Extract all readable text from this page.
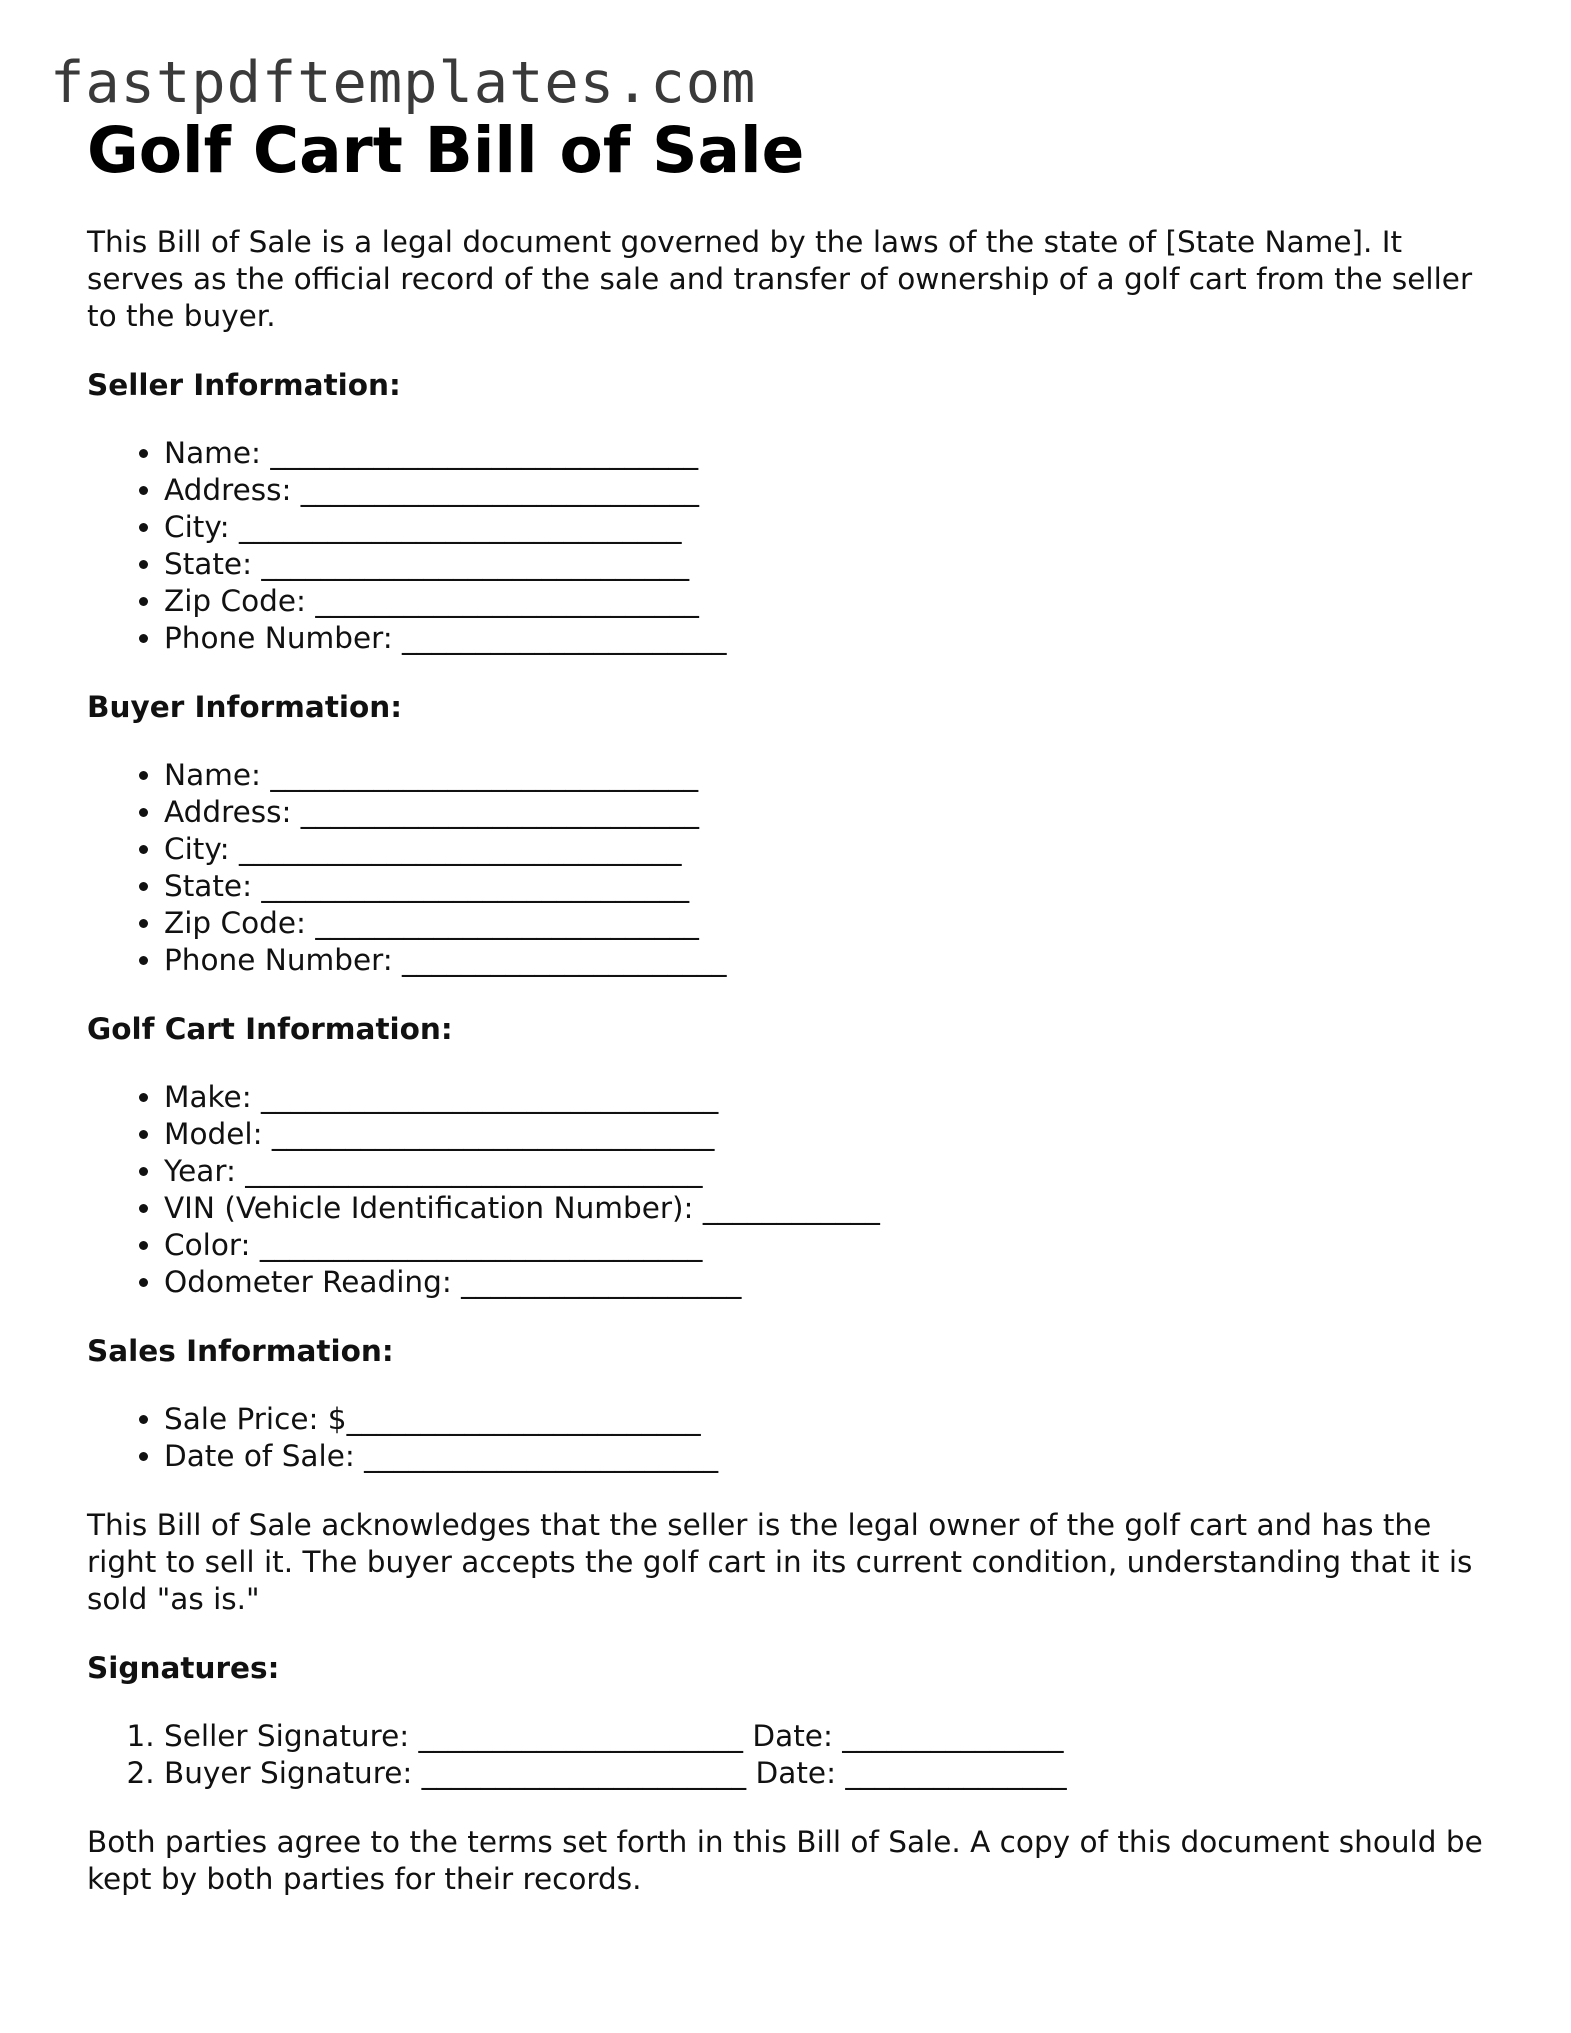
fastpdftemplates.com
Golf Cart Bill of Sale

This Bill of Sale is a legal document governed by the laws of the state of [State Name]. It serves as the official record of the sale and transfer of ownership of a golf cart from the seller to the buyer.

Seller Information:
• Name: _____________________________
• Address: ___________________________
• City: ______________________________
• State: _____________________________
• Zip Code: __________________________
• Phone Number: ______________________
Buyer Information:
• Name: _____________________________
• Address: ___________________________
• City: ______________________________
• State: _____________________________
• Zip Code: __________________________
• Phone Number: ______________________
Golf Cart Information:
• Make: _______________________________
• Model: ______________________________
• Year: _______________________________
• VIN (Vehicle Identification Number): ____________
• Color: ______________________________
• Odometer Reading: ___________________
Sales Information:
• Sale Price: $________________________
• Date of Sale: ________________________

This Bill of Sale acknowledges that the seller is the legal owner of the golf cart and has the right to sell it. The buyer accepts the golf cart in its current condition, understanding that it is sold "as is."

Signatures:
1. Seller Signature: ______________________ Date: _______________
2. Buyer Signature: ______________________ Date: _______________

Both parties agree to the terms set forth in this Bill of Sale. A copy of this document should be kept by both parties for their records.
